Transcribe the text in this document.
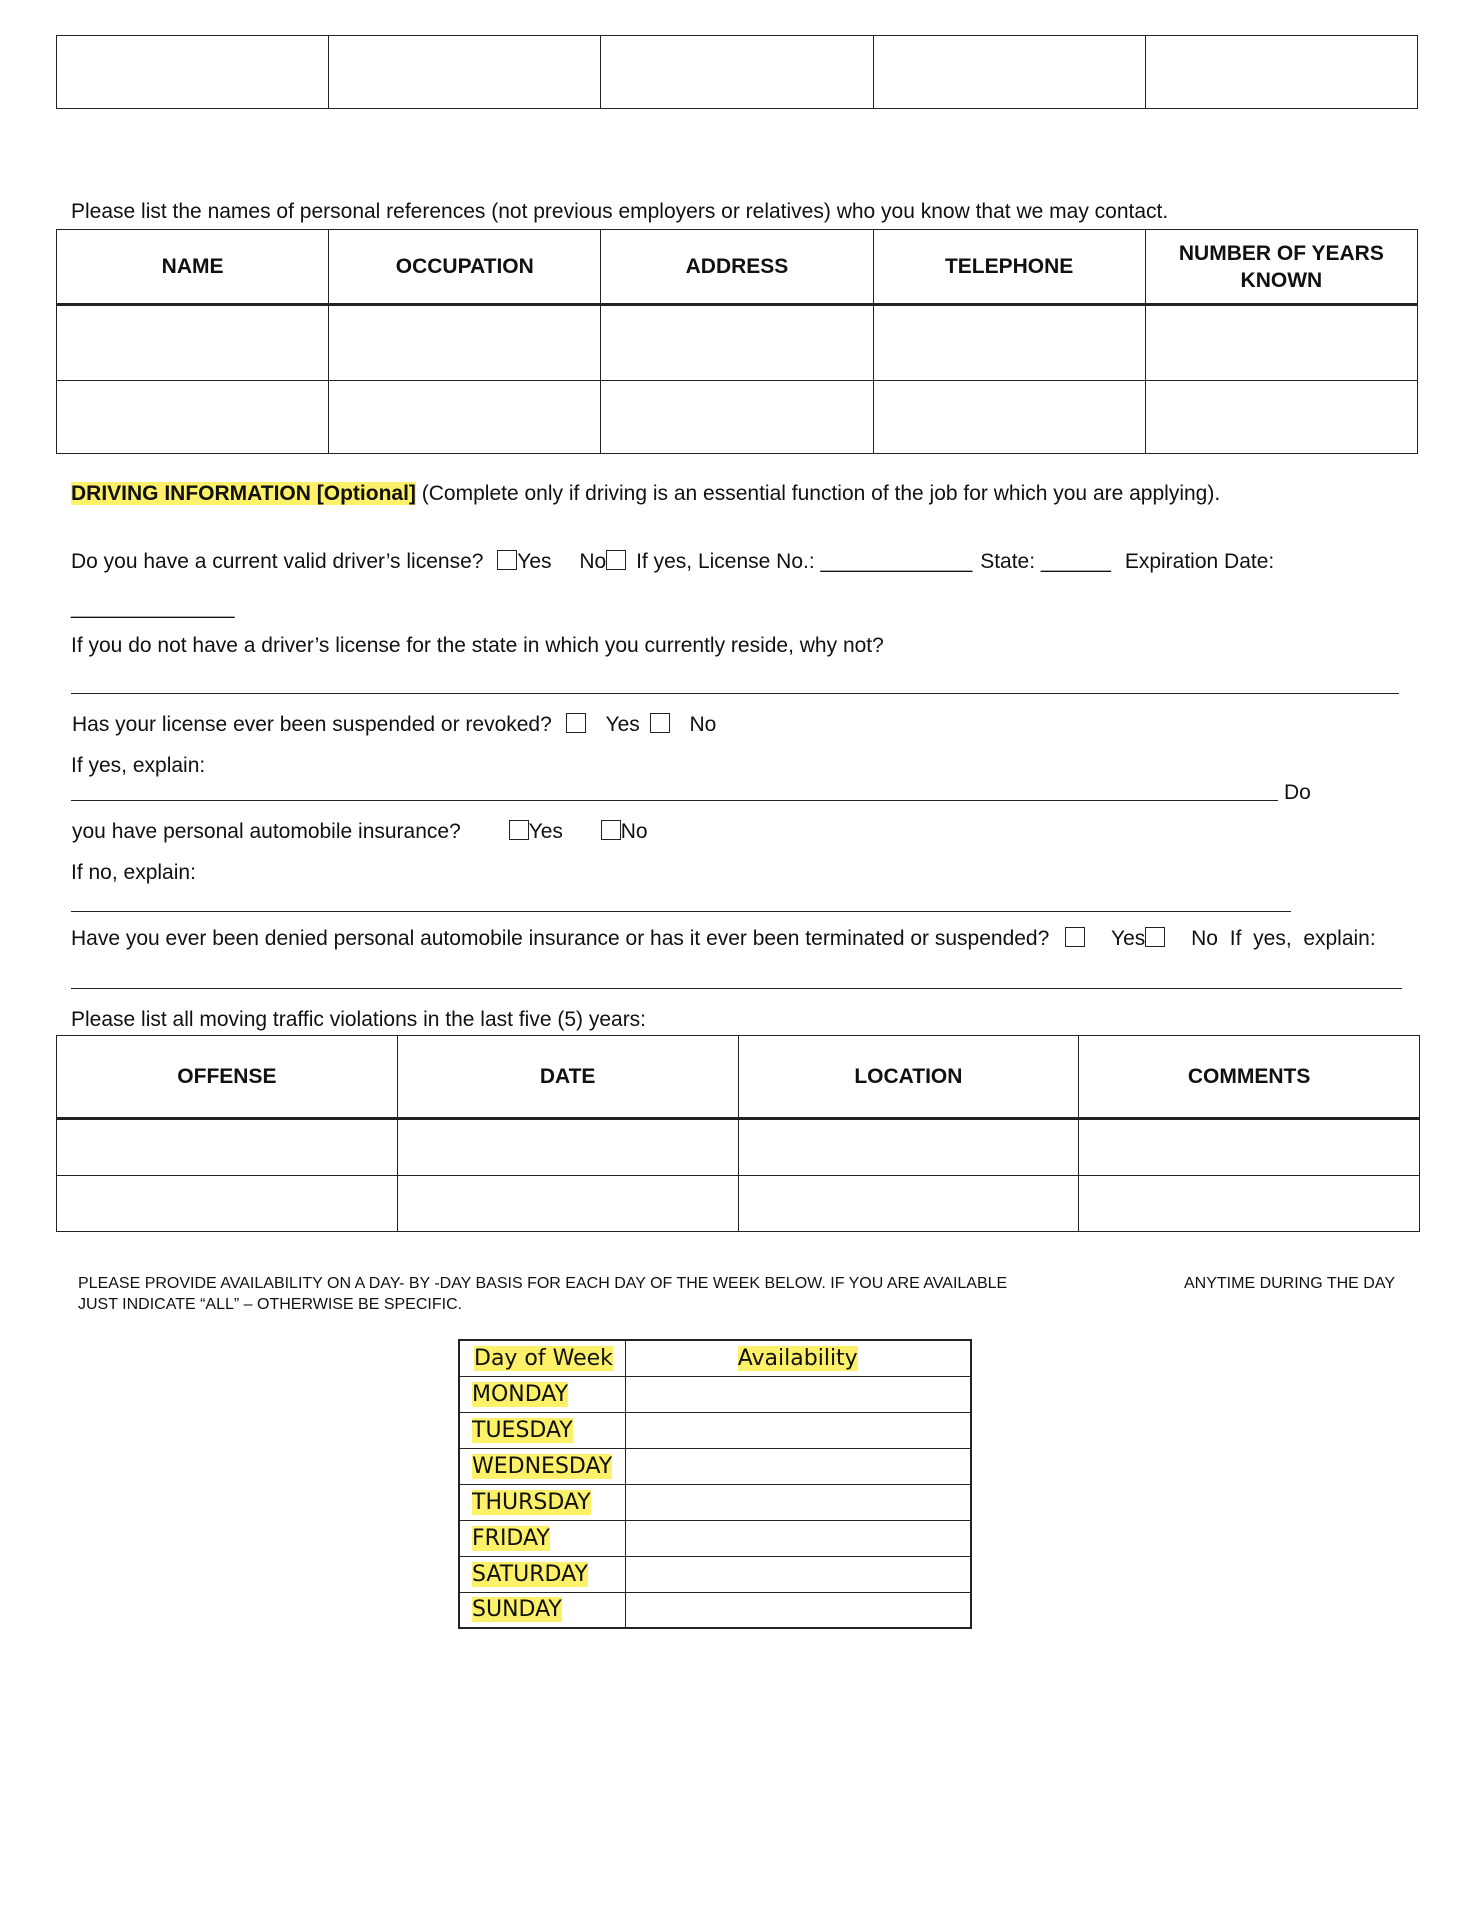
Please list the names of personal references (not previous employers or relatives) who you know that we may contact.
NAME	OCCUPATION	ADDRESS	TELEPHONE	NUMBER OF YEARS KNOWN

DRIVING INFORMATION [Optional] (Complete only if driving is an essential function of the job for which you are applying).
Do you have a current valid driver’s license? Yes No If yes, License No.: _____________ State: ______ Expiration Date:
______________
If you do not have a driver’s license for the state in which you currently reside, why not?
Has your license ever been suspended or revoked?	Yes No
If yes, explain:
Do
you have personal automobile insurance?	Yes	No
If no, explain:
Have you ever been denied personal automobile insurance or has it ever been terminated or suspended?	Yes No If  yes,  explain:
Please list all moving traffic violations in the last five (5) years:
OFFENSE	DATE	LOCATION	COMMENTS

PLEASE PROVIDE AVAILABILITY ON A DAY- BY -DAY BASIS FOR EACH DAY OF THE WEEK BELOW. IF YOU ARE AVAILABLE	ANYTIME DURING THE DAY
JUST INDICATE “ALL” – OTHERWISE BE SPECIFIC.
Day of Week	Availability
MONDAY	
TUESDAY	
WEDNESDAY	
THURSDAY	
FRIDAY	
SATURDAY	
SUNDAY	
